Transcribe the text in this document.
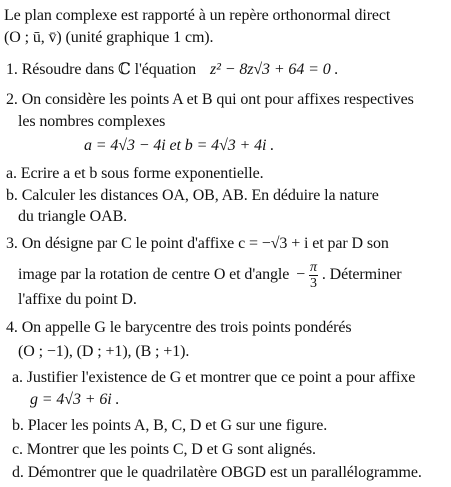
Le plan complexe est rapporté à un repère orthonormal direct
(O ; ū, v̄) (unité graphique 1 cm).
1. Résoudre dans ℂ l'équation z² − 8z√3 + 64 = 0 .
2. On considère les points A et B qui ont pour affixes respectives
les nombres complexes
a = 4√3 − 4i et b = 4√3 + 4i .
a. Ecrire a et b sous forme exponentielle.
b. Calculer les distances OA, OB, AB. En déduire la nature
du triangle OAB.
3. On désigne par C le point d'affixe c = −√3 + i et par D son
image par la rotation de centre O et d'angle − $\frac{\pi}{3}$ . Déterminer
l'affixe du point D.
4. On appelle G le barycentre des trois points pondérés
(O ; −1), (D ; +1), (B ; +1).
a. Justifier l'existence de G et montrer que ce point a pour affixe
g = 4√3 + 6i .
b. Placer les points A, B, C, D et G sur une figure.
c. Montrer que les points C, D et G sont alignés.
d. Démontrer que le quadrilatère OBGD est un parallélogramme.
